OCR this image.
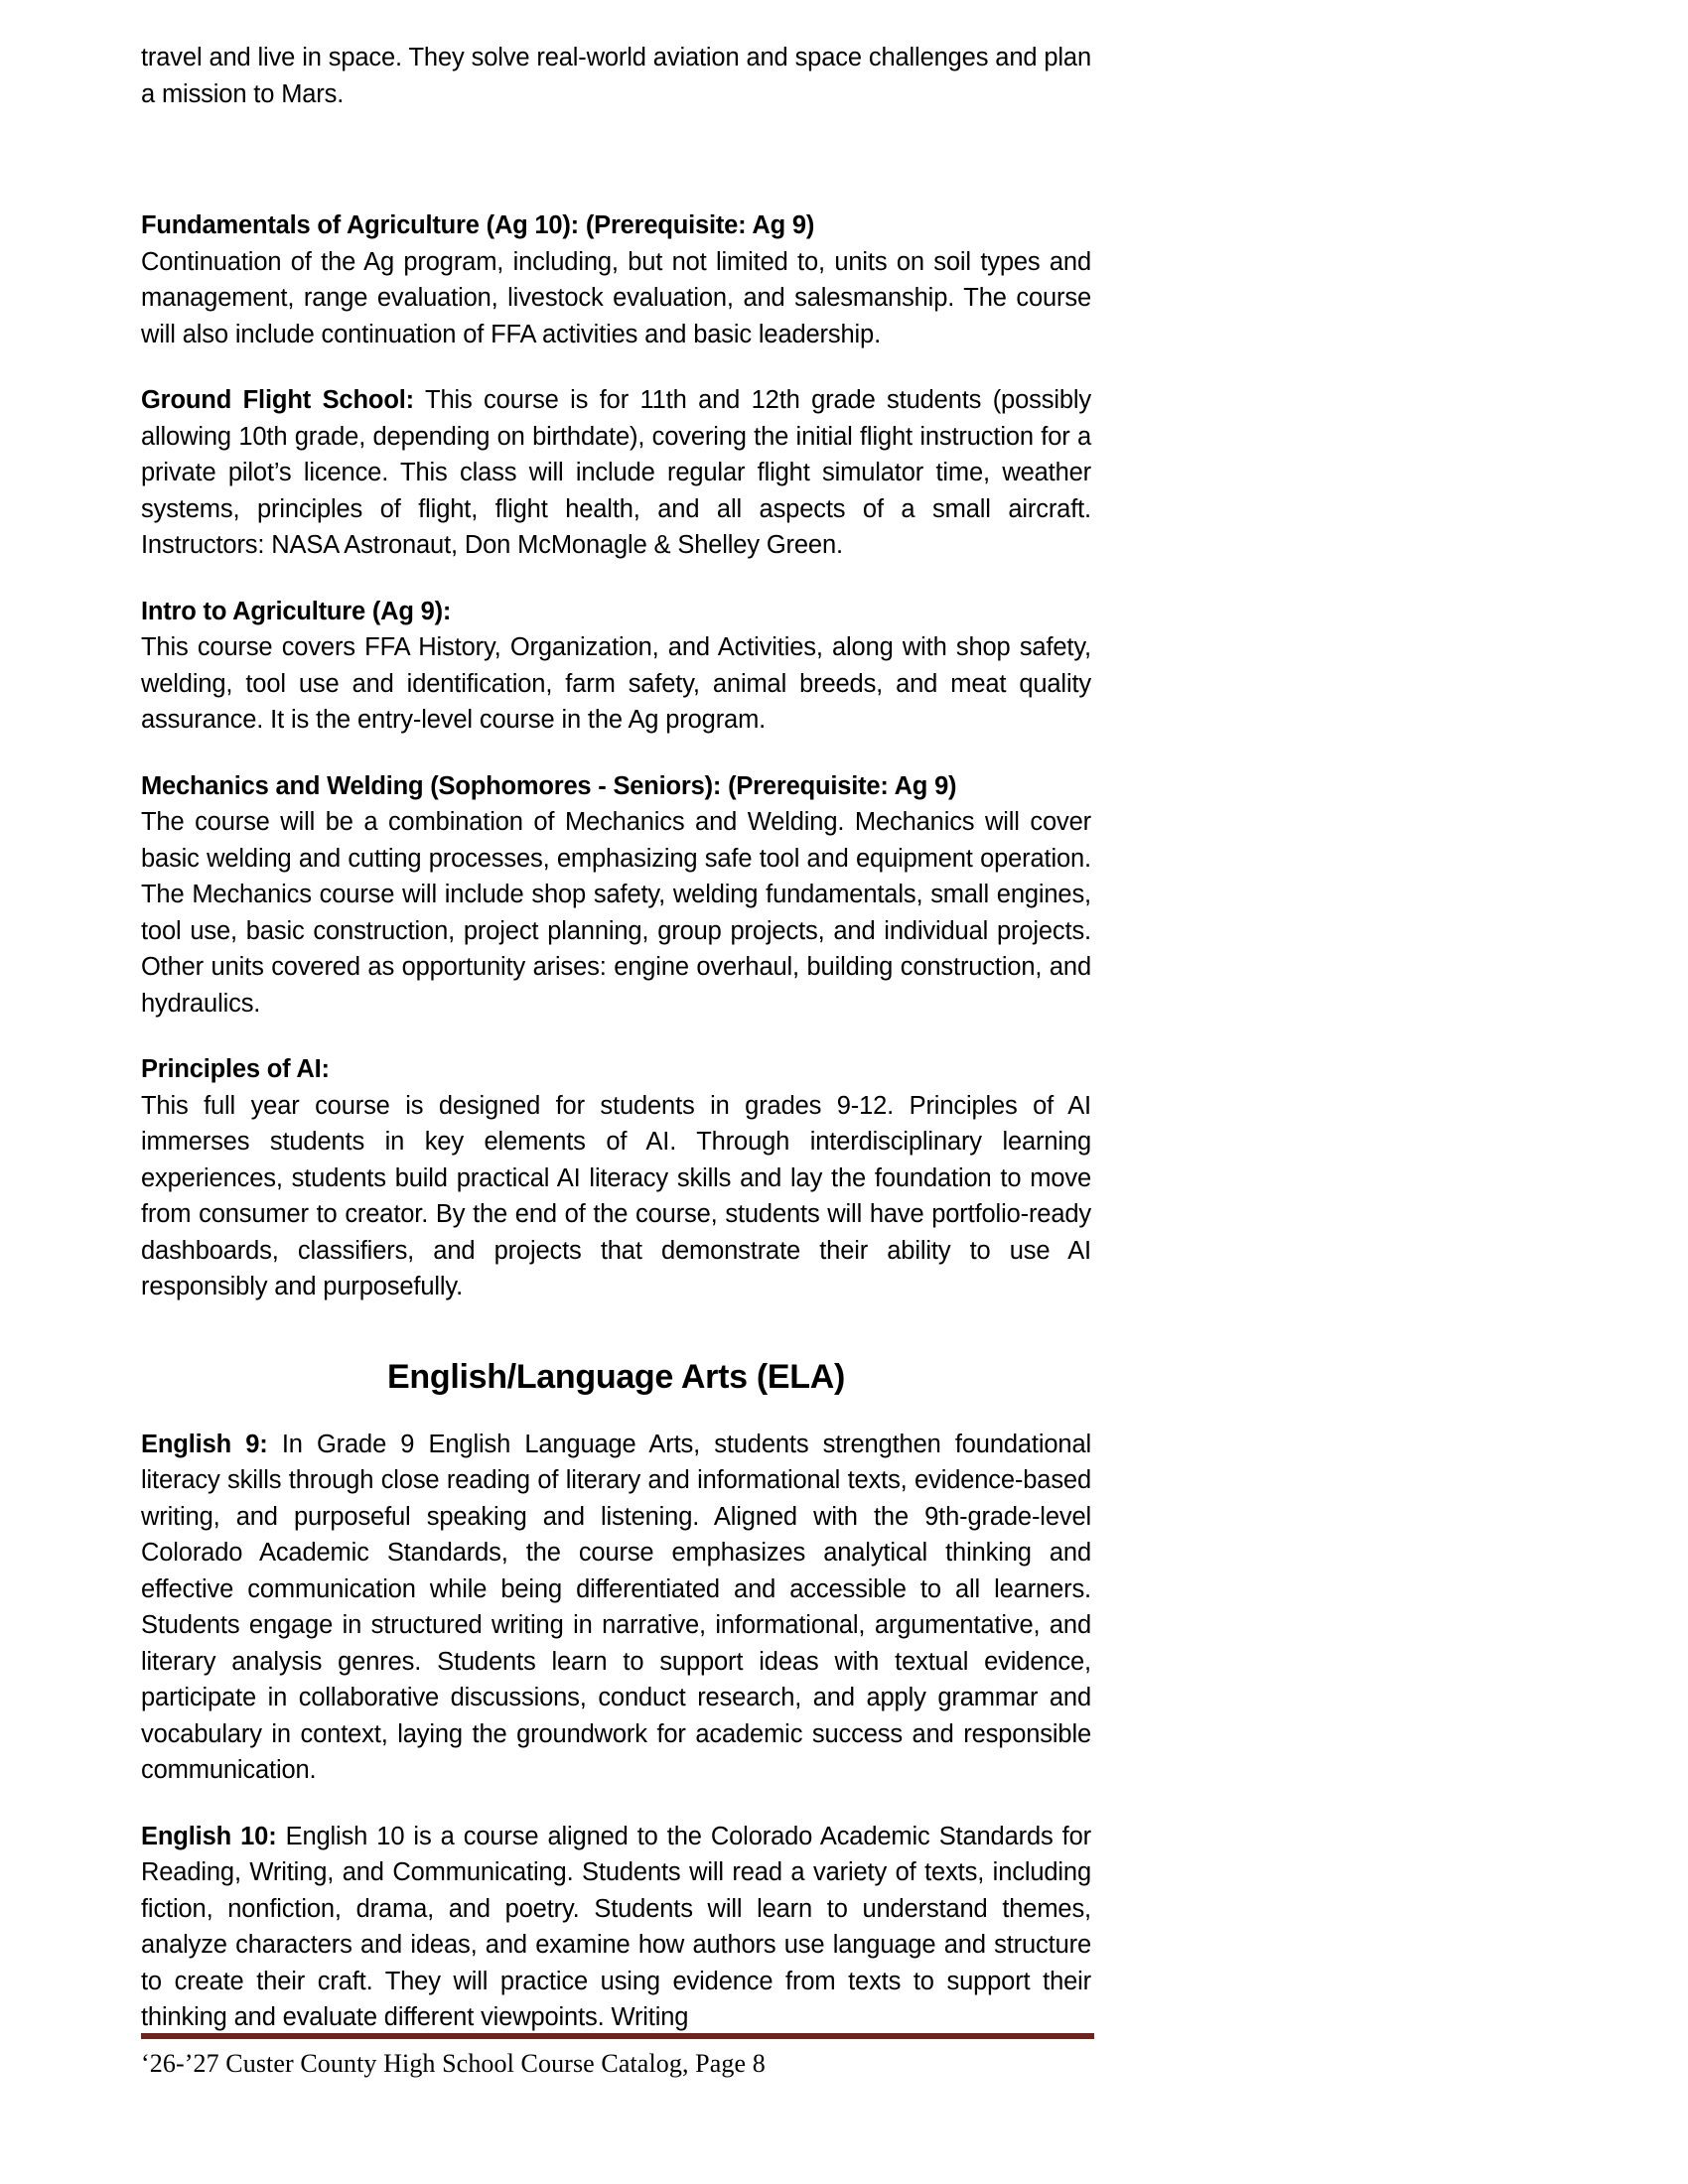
travel and live in space. They solve real-world aviation and space challenges and plan a mission to Mars.

Fundamentals of Agriculture (Ag 10): (Prerequisite: Ag 9)

Continuation of the Ag program, including, but not limited to, units on soil types and management, range evaluation, livestock evaluation, and salesmanship. The course will also include continuation of FFA activities and basic leadership.

Ground Flight School: This course is for 11th and 12th grade students (possibly allowing 10th grade, depending on birthdate), covering the initial flight instruction for a private pilot’s licence. This class will include regular flight simulator time, weather systems, principles of flight, flight health, and all aspects of a small aircraft. Instructors: NASA Astronaut, Don McMonagle & Shelley Green.

Intro to Agriculture (Ag 9):

This course covers FFA History, Organization, and Activities, along with shop safety, welding, tool use and identification, farm safety, animal breeds, and meat quality assurance. It is the entry-level course in the Ag program.

Mechanics and Welding (Sophomores - Seniors): (Prerequisite: Ag 9)

The course will be a combination of Mechanics and Welding. Mechanics will cover basic welding and cutting processes, emphasizing safe tool and equipment operation. The Mechanics course will include shop safety, welding fundamentals, small engines, tool use, basic construction, project planning, group projects, and individual projects. Other units covered as opportunity arises: engine overhaul, building construction, and hydraulics.

Principles of AI:

This full year course is designed for students in grades 9-12. Principles of AI immerses students in key elements of AI. Through interdisciplinary learning experiences, students build practical AI literacy skills and lay the foundation to move from consumer to creator. By the end of the course, students will have portfolio-ready dashboards, classifiers, and projects that demonstrate their ability to use AI responsibly and purposefully.

English/Language Arts (ELA)

English 9: In Grade 9 English Language Arts, students strengthen foundational literacy skills through close reading of literary and informational texts, evidence-based writing, and purposeful speaking and listening. Aligned with the 9th-grade-level Colorado Academic Standards, the course emphasizes analytical thinking and effective communication while being differentiated and accessible to all learners. Students engage in structured writing in narrative, informational, argumentative, and literary analysis genres. Students learn to support ideas with textual evidence, participate in collaborative discussions, conduct research, and apply grammar and vocabulary in context, laying the groundwork for academic success and responsible communication.

English 10: English 10 is a course aligned to the Colorado Academic Standards for Reading, Writing, and Communicating. Students will read a variety of texts, including fiction, nonfiction, drama, and poetry. Students will learn to understand themes, analyze characters and ideas, and examine how authors use language and structure to create their craft. They will practice using evidence from texts to support their thinking and evaluate different viewpoints. Writing

‘26-’27 Custer County High School Course Catalog, Page 8
